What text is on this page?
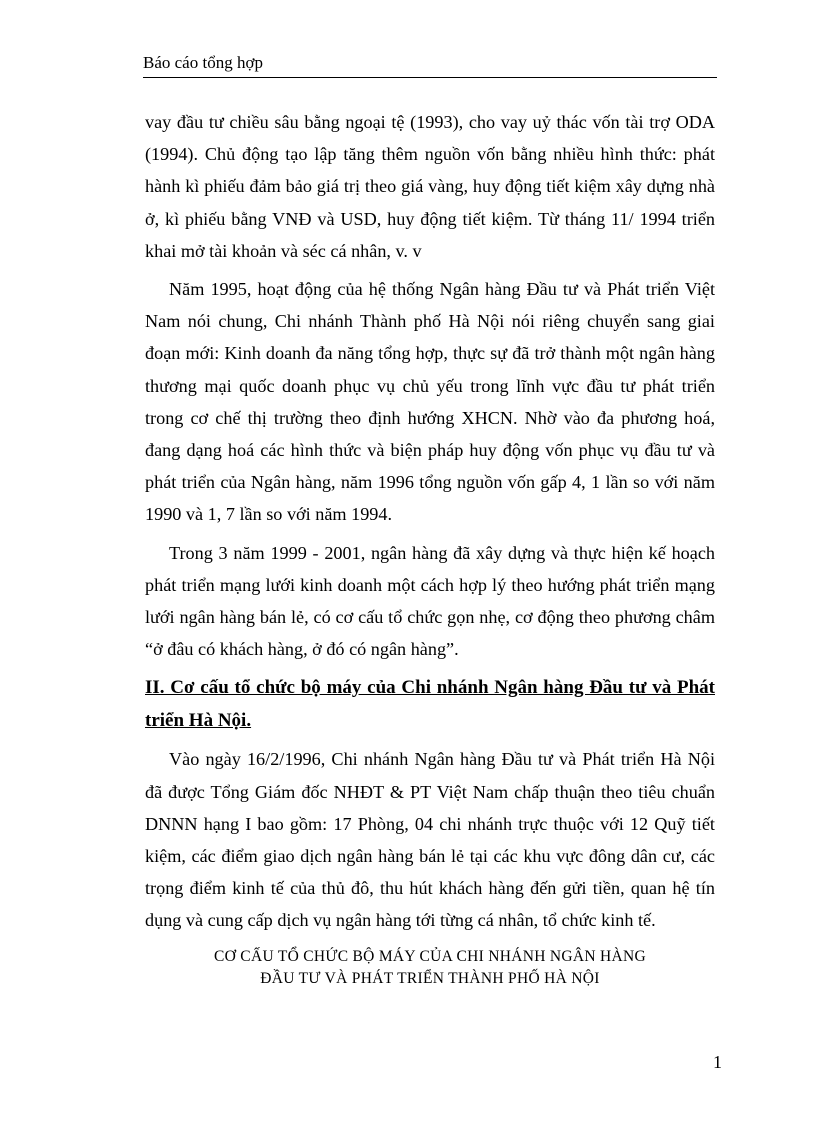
Báo cáo tổng hợp

vay đầu tư chiều sâu bằng ngoại tệ (1993), cho vay uỷ thác vốn tài trợ ODA (1994). Chủ động tạo lập tăng thêm nguồn vốn bằng nhiều hình thức: phát hành kì phiếu đảm bảo giá trị theo giá vàng, huy động tiết kiệm xây dựng nhà ở, kì phiếu bằng VNĐ và USD, huy động tiết kiệm. Từ tháng 11/ 1994 triển khai mở tài khoản và séc cá nhân, v. v

Năm 1995, hoạt động của hệ thống Ngân hàng Đầu tư và Phát triển Việt Nam nói chung, Chi nhánh Thành phố Hà Nội nói riêng chuyển sang giai đoạn mới: Kinh doanh đa năng tổng hợp, thực sự đã trở thành một ngân hàng thương mại quốc doanh phục vụ chủ yếu trong lĩnh vực đầu tư phát triển trong cơ chế thị trường theo định hướng XHCN. Nhờ vào đa phương hoá, đang dạng hoá các hình thức và biện pháp huy động vốn phục vụ đầu tư và phát triển của Ngân hàng, năm 1996 tổng nguồn vốn gấp 4, 1 lần so với năm 1990 và 1, 7 lần so với năm 1994.

Trong 3 năm 1999 - 2001, ngân hàng đã xây dựng và thực hiện kế hoạch phát triển mạng lưới kinh doanh một cách hợp lý theo hướng phát triển mạng lưới ngân hàng bán lẻ, có cơ cấu tổ chức gọn nhẹ, cơ động theo phương châm “ở đâu có khách hàng, ở đó có ngân hàng”.

II. Cơ cấu tổ chức bộ máy của Chi nhánh Ngân hàng Đầu tư và Phát triển Hà Nội.

Vào ngày 16/2/1996, Chi nhánh Ngân hàng Đầu tư và Phát triển Hà Nội đã được Tổng Giám đốc NHĐT & PT Việt Nam chấp thuận theo tiêu chuẩn DNNN hạng I bao gồm: 17 Phòng, 04 chi nhánh trực thuộc với 12 Quỹ tiết kiệm, các điểm giao dịch ngân hàng bán lẻ tại các khu vực đông dân cư, các trọng điểm kinh tế của thủ đô, thu hút khách hàng đến gửi tiền, quan hệ tín dụng và cung cấp dịch vụ ngân hàng tới từng cá nhân, tổ chức kinh tế.

CƠ CẤU TỔ CHỨC BỘ MÁY CỦA CHI NHÁNH NGÂN HÀNG
ĐẦU TƯ VÀ PHÁT TRIỂN THÀNH PHỐ HÀ NỘI
1
